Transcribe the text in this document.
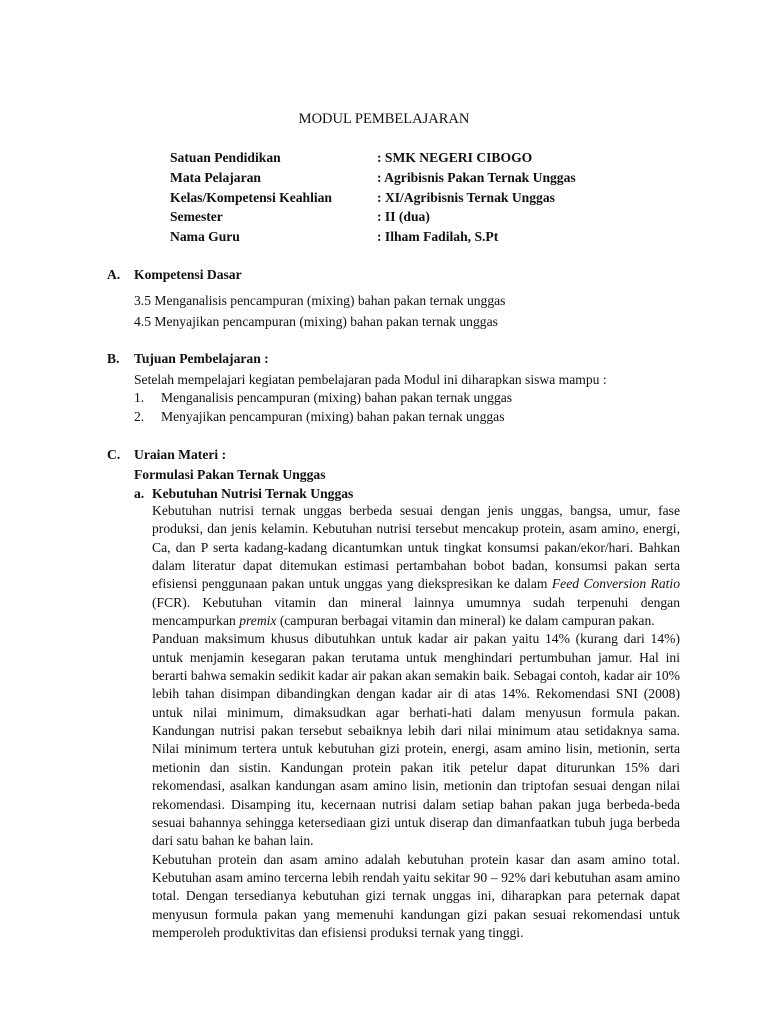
MODUL PEMBELAJARAN
Satuan Pendidikan	: SMK NEGERI CIBOGO
Mata Pelajaran	: Agribisnis Pakan Ternak Unggas
Kelas/Kompetensi Keahlian	: XI/Agribisnis Ternak Unggas
Semester	: II (dua)
Nama Guru	: Ilham Fadilah, S.Pt
A. Kompetensi Dasar
3.5 Menganalisis pencampuran (mixing) bahan pakan ternak unggas
4.5 Menyajikan pencampuran (mixing) bahan pakan ternak unggas
B. Tujuan Pembelajaran :
Setelah mempelajari kegiatan pembelajaran pada Modul ini diharapkan siswa mampu :
1. Menganalisis pencampuran (mixing) bahan pakan ternak unggas
2. Menyajikan pencampuran (mixing) bahan pakan ternak unggas
C. Uraian Materi :
Formulasi Pakan Ternak Unggas
a. Kebutuhan Nutrisi Ternak Unggas

Kebutuhan nutrisi ternak unggas berbeda sesuai dengan jenis unggas, bangsa, umur, fase produksi, dan jenis kelamin. Kebutuhan nutrisi tersebut mencakup protein, asam amino, energi, Ca, dan P serta kadang-kadang dicantumkan untuk tingkat konsumsi pakan/ekor/hari. Bahkan dalam literatur dapat ditemukan estimasi pertambahan bobot badan, konsumsi pakan serta efisiensi penggunaan pakan untuk unggas yang diekspresikan ke dalam Feed Conversion Ratio (FCR). Kebutuhan vitamin dan mineral lainnya umumnya sudah terpenuhi dengan mencampurkan premix (campuran berbagai vitamin dan mineral) ke dalam campuran pakan.

Panduan maksimum khusus dibutuhkan untuk kadar air pakan yaitu 14% (kurang dari 14%) untuk menjamin kesegaran pakan terutama untuk menghindari pertumbuhan jamur. Hal ini berarti bahwa semakin sedikit kadar air pakan akan semakin baik. Sebagai contoh, kadar air 10% lebih tahan disimpan dibandingkan dengan kadar air di atas 14%. Rekomendasi SNI (2008) untuk nilai minimum, dimaksudkan agar berhati-hati dalam menyusun formula pakan. Kandungan nutrisi pakan tersebut sebaiknya lebih dari nilai minimum atau setidaknya sama. Nilai minimum tertera untuk kebutuhan gizi protein, energi, asam amino lisin, metionin, serta metionin dan sistin. Kandungan protein pakan itik petelur dapat diturunkan 15% dari rekomendasi, asalkan kandungan asam amino lisin, metionin dan triptofan sesuai dengan nilai rekomendasi. Disamping itu, kecernaan nutrisi dalam setiap bahan pakan juga berbeda-beda sesuai bahannya sehingga ketersediaan gizi untuk diserap dan dimanfaatkan tubuh juga berbeda dari satu bahan ke bahan lain.

Kebutuhan protein dan asam amino adalah kebutuhan protein kasar dan asam amino total. Kebutuhan asam amino tercerna lebih rendah yaitu sekitar 90 – 92% dari kebutuhan asam amino total. Dengan tersedianya kebutuhan gizi ternak unggas ini, diharapkan para peternak dapat menyusun formula pakan yang memenuhi kandungan gizi pakan sesuai rekomendasi untuk memperoleh produktivitas dan efisiensi produksi ternak yang tinggi.
